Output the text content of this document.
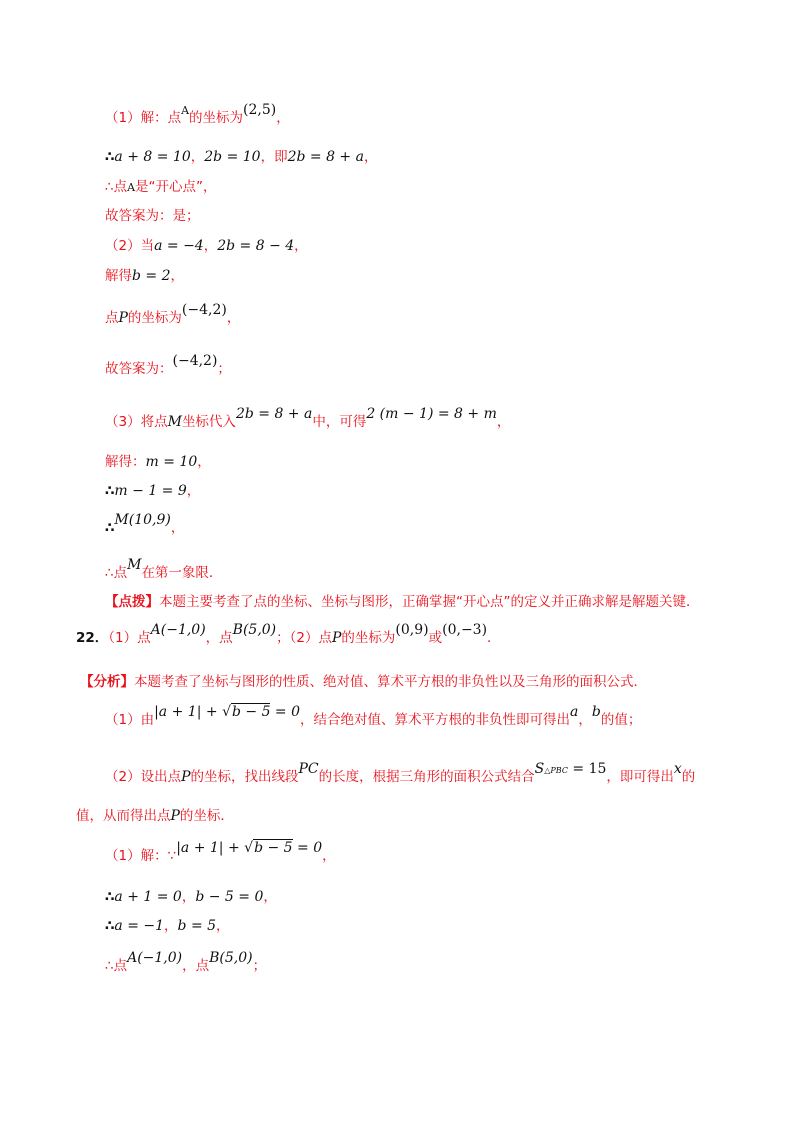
（1）解：点$^A$的坐标为(2,5)，
∴a + 8 = 10，2b = 10，即2b = 8 + a，
∴点A是“开心点”，
故答案为：是；
（2）当a = −4，2b = 8 − 4，
解得b = 2，
点P的坐标为(−4,2)，
故答案为：(−4,2)；
（3）将点M坐标代入2b = 8 + a中，可得2 (m − 1) = 8 + m，
解得：m = 10，
∴m − 1 = 9，
∴M(10,9)，
∴点M在第一象限．
【点拨】本题主要考查了点的坐标、坐标与图形，正确掌握“开心点”的定义并正确求解是解题关键．
22．（1）点A(−1,0)，点B(5,0)；（2）点P的坐标为(0,9)或(0,−3)．
【分析】本题考查了坐标与图形的性质、绝对值、算术平方根的非负性以及三角形的面积公式．
（1）由|a + 1| + √b − 5 = 0，结合绝对值、算术平方根的非负性即可得出a，b的值；
（2）设出点P的坐标，找出线段PC的长度，根据三角形的面积公式结合S△PBC = 15，即可得出x的
值，从而得出点P的坐标．
（1）解：∵|a + 1| + √b − 5 = 0，
∴a + 1 = 0，b − 5 = 0，
∴a = −1，b = 5，
∴点A(−1,0)，点B(5,0)；
